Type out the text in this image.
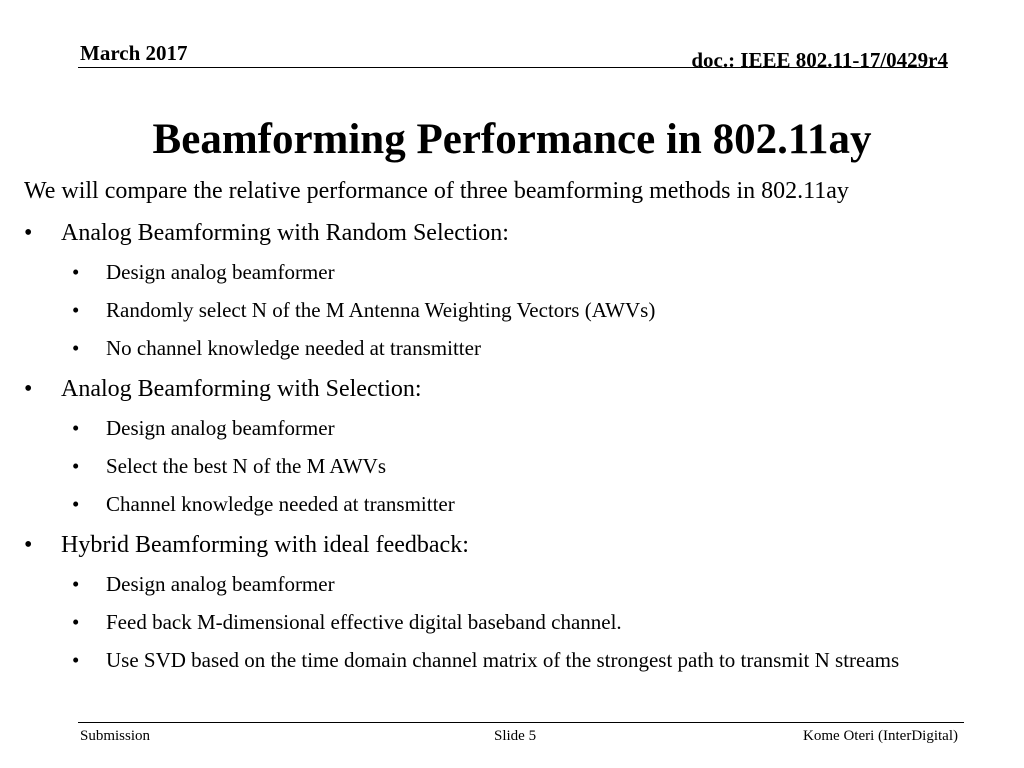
March 2017	doc.: IEEE 802.11-17/0429r4
Beamforming Performance in 802.11ay
We will compare the relative performance of three beamforming methods in 802.11ay
• Analog Beamforming with Random Selection:
• Design analog beamformer
• Randomly select N of the M Antenna Weighting Vectors (AWVs)
• No channel knowledge needed at transmitter
• Analog Beamforming with Selection:
• Design analog beamformer
• Select the best N of the M AWVs
• Channel knowledge needed at transmitter
• Hybrid Beamforming with ideal feedback:
• Design analog beamformer
• Feed back M-dimensional effective digital baseband channel.
• Use SVD based on the time domain channel matrix of the strongest path to transmit N streams
Submission	Slide 5	Kome Oteri (InterDigital)
